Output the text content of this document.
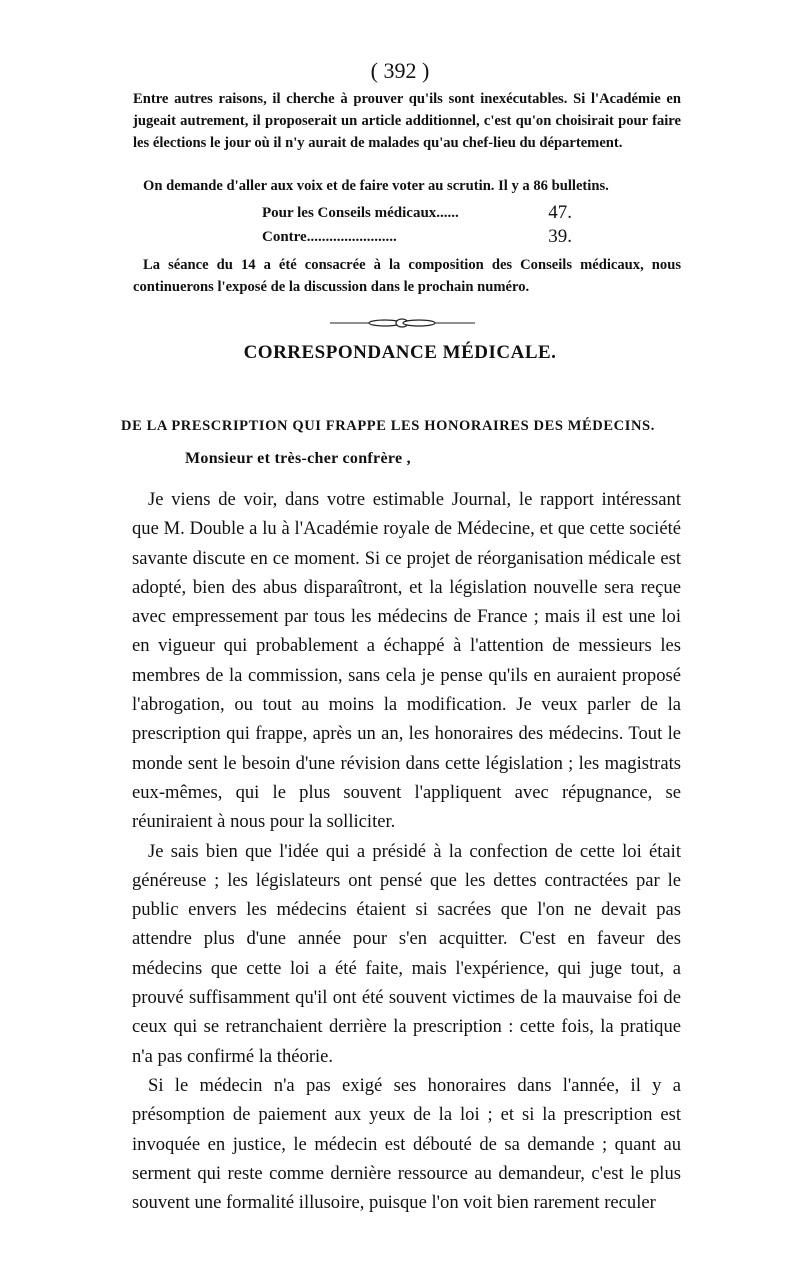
( 392 )

Entre autres raisons, il cherche à prouver qu'ils sont inexécutables. Si l'Académie en jugeait autrement, il proposerait un article additionnel, c'est qu'on choisirait pour faire les élections le jour où il n'y aurait de malades qu'au chef-lieu du département.

On demande d'aller aux voix et de faire voter au scrutin. Il y a 86 bulletins.

Pour les Conseils médicaux......	47.
Contre........................	39.

La séance du 14 a été consacrée à la composition des Conseils médicaux, nous continuerons l'exposé de la discussion dans le prochain numéro.

CORRESPONDANCE MÉDICALE.
DE LA PRESCRIPTION QUI FRAPPE LES HONORAIRES DES MÉDECINS.
Monsieur et très-cher confrère ,

Je viens de voir, dans votre estimable Journal, le rapport intéressant que M. Double a lu à l'Académie royale de Médecine, et que cette société savante discute en ce moment. Si ce projet de réorganisation médicale est adopté, bien des abus disparaîtront, et la législation nouvelle sera reçue avec empressement par tous les médecins de France ; mais il est une loi en vigueur qui probablement a échappé à l'attention de messieurs les membres de la commission, sans cela je pense qu'ils en auraient proposé l'abrogation, ou tout au moins la modification. Je veux parler de la prescription qui frappe, après un an, les honoraires des médecins. Tout le monde sent le besoin d'une révision dans cette législation ; les magistrats eux-mêmes, qui le plus souvent l'appliquent avec répugnance, se réuniraient à nous pour la solliciter.

Je sais bien que l'idée qui a présidé à la confection de cette loi était généreuse ; les législateurs ont pensé que les dettes contractées par le public envers les médecins étaient si sacrées que l'on ne devait pas attendre plus d'une année pour s'en acquitter. C'est en faveur des médecins que cette loi a été faite, mais l'expérience, qui juge tout, a prouvé suffisamment qu'il ont été souvent victimes de la mauvaise foi de ceux qui se retranchaient derrière la prescription : cette fois, la pratique n'a pas confirmé la théorie.

Si le médecin n'a pas exigé ses honoraires dans l'année, il y a présomption de paiement aux yeux de la loi ; et si la prescription est invoquée en justice, le médecin est débouté de sa demande ; quant au serment qui reste comme dernière ressource au demandeur, c'est le plus souvent une formalité illusoire, puisque l'on voit bien rarement reculer
